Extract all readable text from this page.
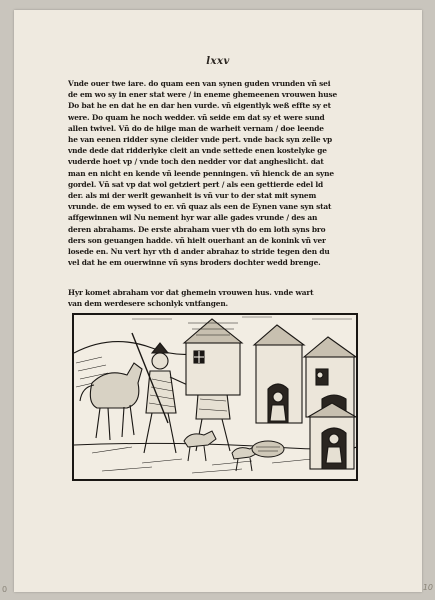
lxxv
Vnde ouer twe iare. do quam een van synen guden vrunden vñ sei
de em wo sy in ener stat were / in eneme ghemeenen vrouwen huse
Do bat he en dat he en dar hen vurde. vñ eigentlyk weß effte sy et
were. Do quam he noch wedder. vñ seide em dat sy et were sund
allen twivel. Vñ do de hilge man de warheit vernam / doe leende
he van eenen ridder syne cleider vnde pert. vnde back syn zelle vp
vnde dede dat ridderlyke cleit an vnde settede enen kostelyke ge
vuderde hoet vp / vnde toch den nedder vor dat angheslicht. dat
man en nicht en kende vñ leende penningen. vñ hienck de an syne
gordel. Vñ sat vp dat wol getziert pert / als een gettierde edel ld
der. als mi der werlt gewanheit is vñ vur to der stat mit synem
vrunde. de em wysed to er. vñ quaz als een de Eynen vane syn stat
affgewinnen wil Nu nement hyr war alle gades vrunde / des an
deren abrahams. De erste abraham vuer vth do em loth syns bro
ders son geuangen hadde. vñ hielt ouerhant an de konink vñ ver
losede en. Nu vert hyr vth d ander abrahaz to stride tegen den du
vel dat he em ouerwinne vñ syns broders dochter wedd brenge.
Hyr komet abraham vor dat ghemein vrouwen hus. vnde wart
van dem werdesere schonlyk vntfangen.
0	10
